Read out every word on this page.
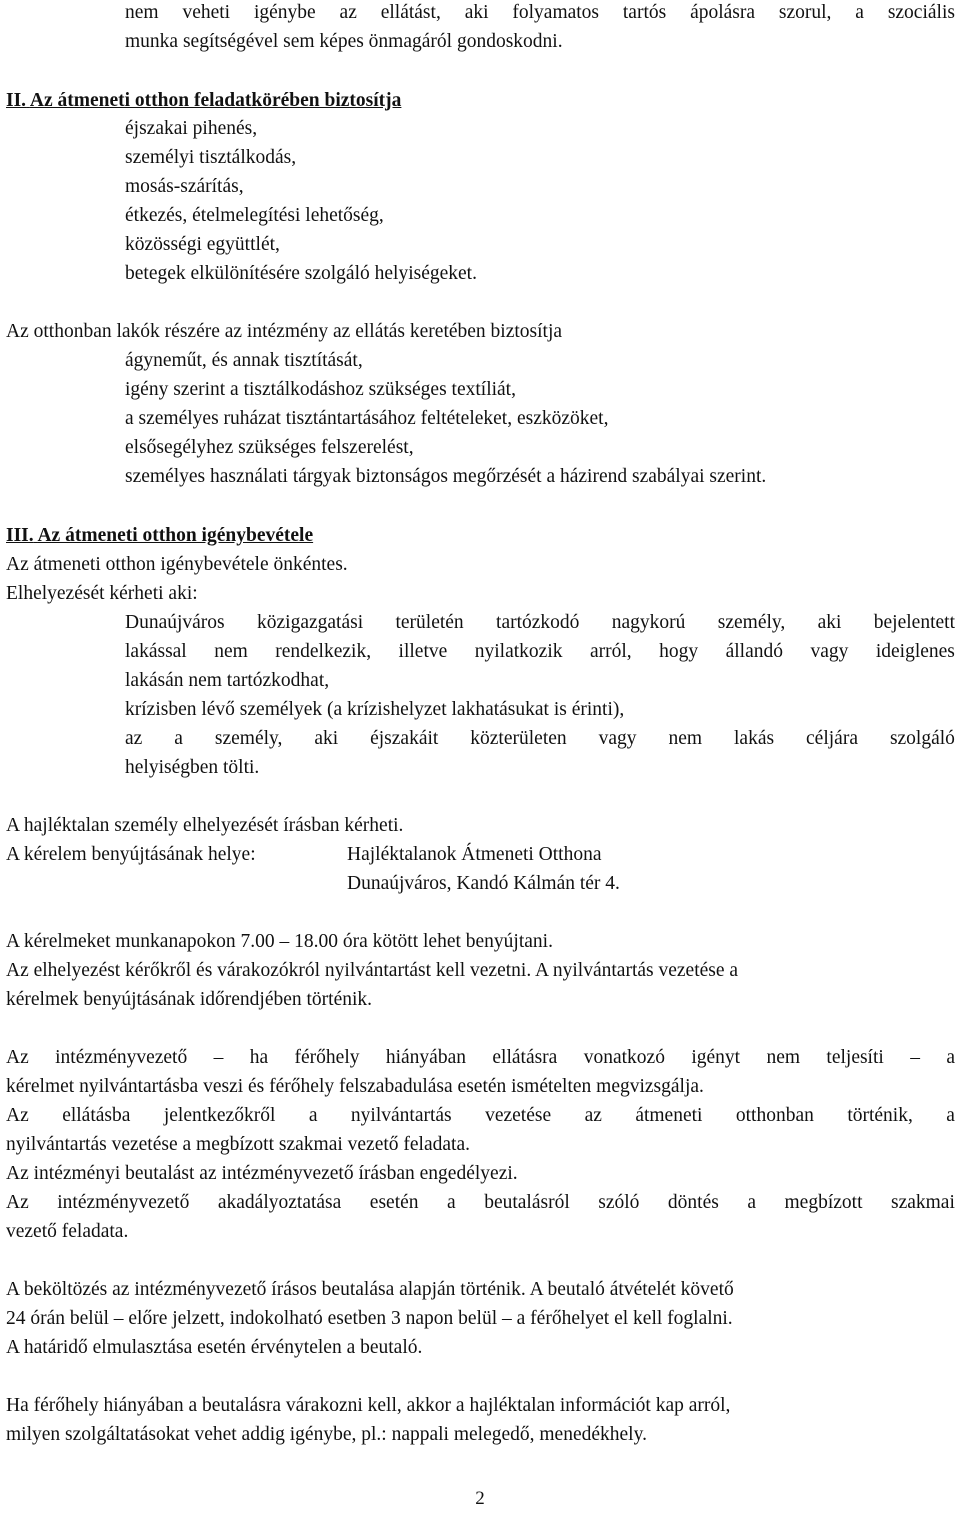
nem veheti igénybe az ellátást, aki folyamatos tartós ápolásra szorul, a szociális
munka segítségével sem képes önmagáról gondoskodni.
II. Az átmeneti otthon feladatkörében biztosítja
éjszakai pihenés,
személyi tisztálkodás,
mosás-szárítás,
étkezés, ételmelegítési lehetőség,
közösségi együttlét,
betegek elkülönítésére szolgáló helyiségeket.
Az otthonban lakók részére az intézmény az ellátás keretében biztosítja
ágyneműt, és annak tisztítását,
igény szerint a tisztálkodáshoz szükséges textíliát,
a személyes ruházat tisztántartásához feltételeket, eszközöket,
elsősegélyhez szükséges felszerelést,
személyes használati tárgyak biztonságos megőrzését a házirend szabályai szerint.
III. Az átmeneti otthon igénybevétele
Az átmeneti otthon igénybevétele önkéntes.
Elhelyezését kérheti aki:
Dunaújváros közigazgatási területén tartózkodó nagykorú személy, aki bejelentett
lakással nem rendelkezik, illetve nyilatkozik arról, hogy állandó vagy ideiglenes
lakásán nem tartózkodhat,
krízisben lévő személyek (a krízishelyzet lakhatásukat is érinti),
az a személy, aki éjszakáit közterületen vagy nem lakás céljára szolgáló
helyiségben tölti.
A hajléktalan személy elhelyezését írásban kérheti.
A kérelem benyújtásának helye:	Hajléktalanok Átmeneti Otthona
Dunaújváros, Kandó Kálmán tér 4.
A kérelmeket munkanapokon 7.00 – 18.00 óra kötött lehet benyújtani.
Az elhelyezést kérőkről és várakozókról nyilvántartást kell vezetni. A nyilvántartás vezetése a
kérelmek benyújtásának időrendjében történik.
Az intézményvezető – ha férőhely hiányában ellátásra vonatkozó igényt nem teljesíti – a
kérelmet nyilvántartásba veszi és férőhely felszabadulása esetén ismételten megvizsgálja.
Az ellátásba jelentkezőkről a nyilvántartás vezetése az átmeneti otthonban történik, a
nyilvántartás vezetése a megbízott szakmai vezető feladata.
Az intézményi beutalást az intézményvezető írásban engedélyezi.
Az intézményvezető akadályoztatása esetén a beutalásról szóló döntés a megbízott szakmai
vezető feladata.
A beköltözés az intézményvezető írásos beutalása alapján történik. A beutaló átvételét követő
24 órán belül – előre jelzett, indokolható esetben 3 napon belül – a férőhelyet el kell foglalni.
A határidő elmulasztása esetén érvénytelen a beutaló.
Ha férőhely hiányában a beutalásra várakozni kell, akkor a hajléktalan információt kap arról,
milyen szolgáltatásokat vehet addig igénybe, pl.: nappali melegedő, menedékhely.
2
